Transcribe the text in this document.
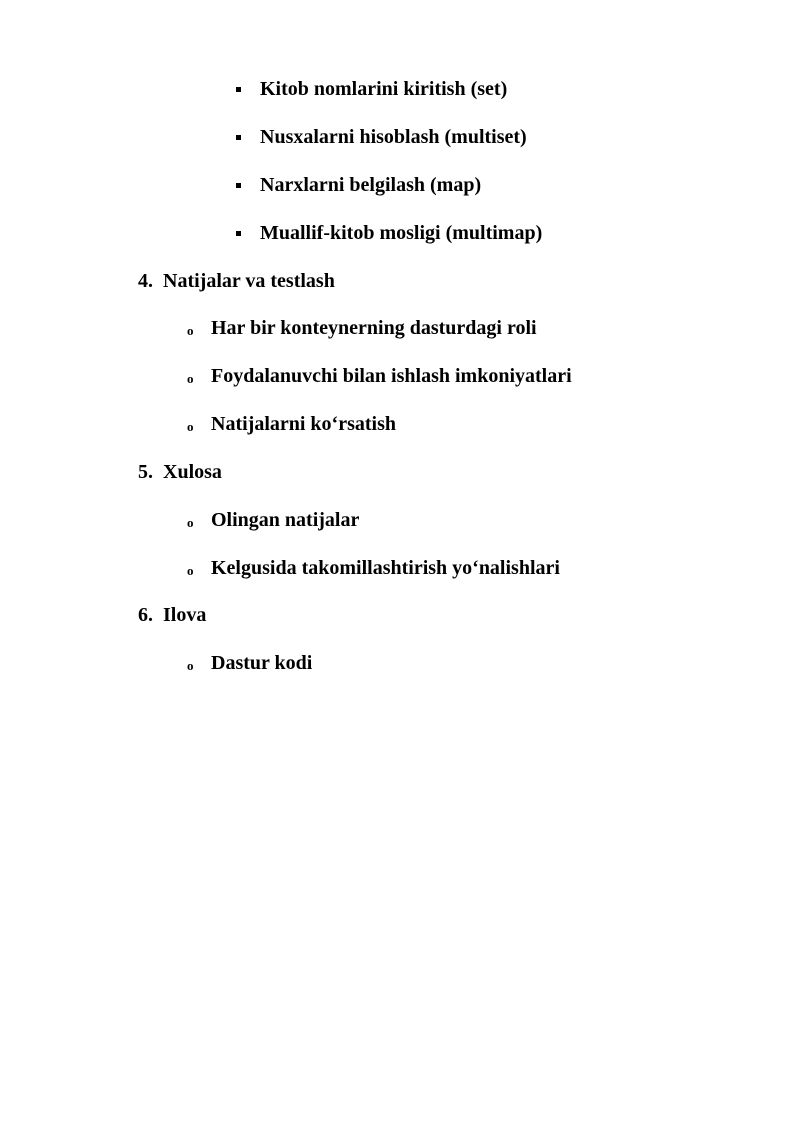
Kitob nomlarini kiritish (set)
Nusxalarni hisoblash (multiset)
Narxlarni belgilash (map)
Muallif-kitob mosligi (multimap)
4. Natijalar va testlash
o Har bir konteynerning dasturdagi roli
o Foydalanuvchi bilan ishlash imkoniyatlari
o Natijalarni ko‘rsatish
5. Xulosa
o Olingan natijalar
o Kelgusida takomillashtirish yo‘nalishlari
6. Ilova
o Dastur kodi
